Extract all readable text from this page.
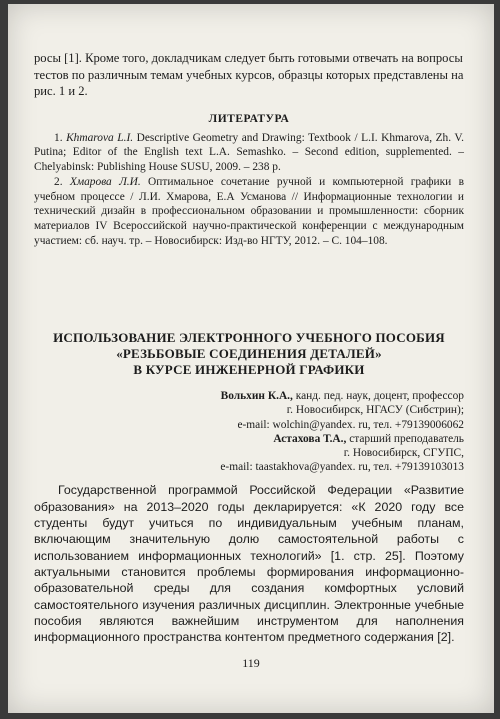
росы [1]. Кроме того, докладчикам следует быть готовыми отвечать на вопросы тестов по различным темам учебных курсов, образцы которых представлены на рис. 1 и 2.

ЛИТЕРАТУРА

1. Khmarova L.I. Descriptive Geometry and Drawing: Textbook / L.I. Khmarova, Zh. V. Putina; Editor of the English text L.A. Semashko. – Second edition, supplemented. – Chelyabinsk: Publishing House SUSU, 2009. – 238 p.

2. Хмарова Л.И. Оптимальное сочетание ручной и компьютерной графики в учебном процессе / Л.И. Хмарова, Е.А Усманова // Информационные технологии и технический дизайн в профессиональном образовании и промышленности: сборник материалов IV Всероссийской научно-практической конференции с международным участием: сб. науч. тр. – Новосибирск: Изд-во НГТУ, 2012. – С. 104–108.

ИСПОЛЬЗОВАНИЕ ЭЛЕКТРОННОГО УЧЕБНОГО ПОСОБИЯ
«РЕЗЬБОВЫЕ СОЕДИНЕНИЯ ДЕТАЛЕЙ»
В КУРСЕ ИНЖЕНЕРНОЙ ГРАФИКИ
Вольхин К.А., канд. пед. наук, доцент, профессор
г. Новосибирск, НГАСУ (Сибстрин);
e-mail: wolchin@yandex. ru, тел. +79139006062
Астахова Т.А., старший преподаватель
г. Новосибирск, СГУПС,
e-mail: taastakhova@yandex. ru, тел. +79139103013

Государственной программой Российской Федерации «Развитие образования» на 2013–2020 годы декларируется: «К 2020 году все студенты будут учиться по индивидуальным учебным планам, включающим значительную долю самостоятельной работы с использованием информационных технологий» [1. стр. 25]. Поэтому актуальными становится проблемы формирования информационно-образовательной среды для создания комфортных условий самостоятельного изучения различных дисциплин. Электронные учебные пособия являются важнейшим инструментом для наполнения информационного пространства контентом предметного содержания [2].

119
